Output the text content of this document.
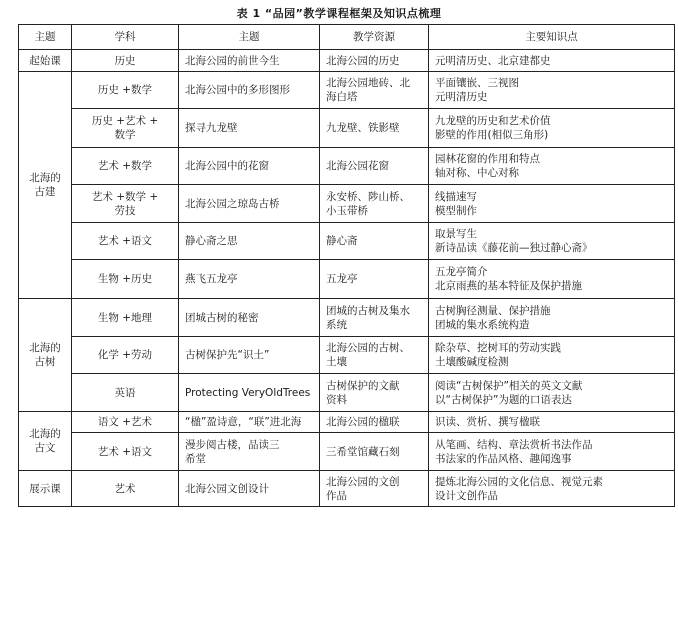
表 1 “品园”教学课程框架及知识点梳理
主题	学科	主题	教学资源	主要知识点
起始课	历史	北海公园的前世今生	北海公园的历史	元明清历史、北京建都史

北海的古建	历史 +数学	北海公园中的多形图形	北海公园地砖、北
海白塔	平面镶嵌、三视图
元明清历史

	历史 +艺术 +
数学	探寻九龙壁	九龙壁、铁影壁	九龙壁的历史和艺术价值
影壁的作用(相似三角形)

	艺术 +数学	北海公园中的花窗	北海公园花窗	园林花窗的作用和特点
轴对称、中心对称

	艺术 +数学 +
劳技	北海公园之琼岛古桥	永安桥、陟山桥、
小玉带桥	线描速写
模型制作

	艺术 +语文	静心斋之思	静心斋	取景写生
新诗品读《藤花前—独过静心斋》

	生物 +历史	燕飞五龙亭	五龙亭	五龙亭简介
北京雨燕的基本特征及保护措施

北海的古树	生物 +地理	团城古树的秘密	团城的古树及集水
系统	古树胸径测量、保护措施
团城的集水系统构造

	化学 +劳动	古树保护先“识土”	北海公园的古树、
土壤	除杂草、挖树耳的劳动实践
土壤酸碱度检测

	英语	Protecting VeryOldTrees	古树保护的文献
资料	阅读“古树保护”相关的英文文献
以“古树保护”为题的口语表达

北海的古文	语文 +艺术	“楹”盈诗意，“联”进北海	北海公园的楹联	识读、赏析、撰写楹联

	艺术 +语文	漫步阅古楼，品读三
希堂	三希堂馆藏石刻	从笔画、结构、章法赏析书法作品
书法家的作品风格、趣闻逸事

展示课	艺术	北海公园文创设计	北海公园的文创
作品	提炼北海公园的文化信息、视觉元素
设计文创作品
